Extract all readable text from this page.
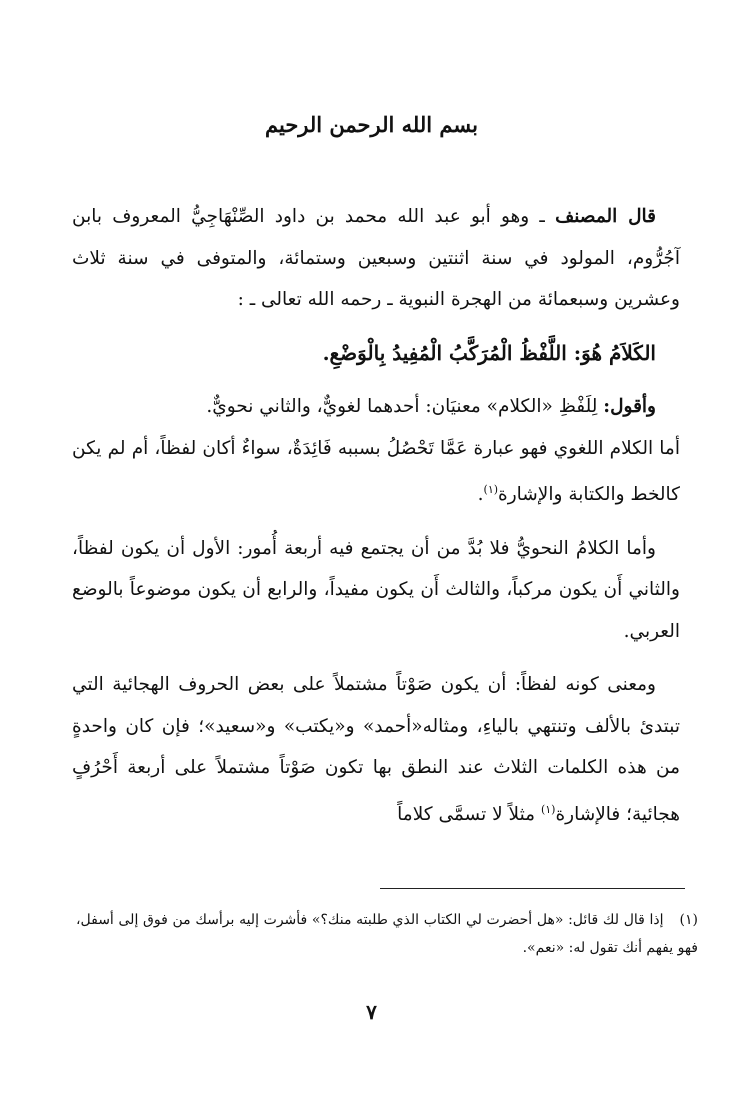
بسم الله الرحمن الرحيم

قال المصنف ـ وهو أبو عبد الله محمد بن داود الصِّنْهَاجِيُّ المعروف بابن آجُرُّوم، المولود في سنة اثنتين وسبعين وستمائة، والمتوفى في سنة ثلاث وعشرين وسبعمائة من الهجرة النبوية ـ رحمه الله تعالى ـ :

الكَلاَمُ هُوَ: اللَّفْظُ الْمُرَكَّبُ الْمُفِيدُ بِالْوَضْعِ.

وأقول: لِلَفْظِ «الكلام» معنيَان: أحدهما لغويٌّ، والثاني نحويٌّ.

أما الكلام اللغوي فهو عبارة عَمَّا تَحْصُلُ بسببه فَائِدَةٌ، سواءٌ أكان لفظاً، أم لم يكن كالخط والكتابة والإشارة$^{(١)}$.

وأما الكلامُ النحويُّ فلا بُدَّ من أن يجتمع فيه أربعة أُمور: الأول أن يكون لفظاً، والثاني أَن يكون مركباً، والثالث أَن يكون مفيداً، والرابع أن يكون موضوعاً بالوضع العربي.

ومعنى كونه لفظاً: أن يكون صَوْتاً مشتملاً على بعض الحروف الهجائية التي تبتدئ بالألف وتنتهي بالياءِ، ومثاله«أحمد» و«يكتب» و«سعيد»؛ فإن كان واحدةٍ من هذه الكلمات الثلاث عند النطق بها تكون صَوْتاً مشتملاً على أربعة أَحْرُفٍ هجائية؛ فالإشارة$^{(١)}$ مثلاً لا تسمَّى كلاماً

(١)إذا قال لك قائل: «هل أحضرت لي الكتاب الذي طلبته منك؟» فأشرت إليه برأسك من فوق إلى أسفل، فهو يفهم أنك تقول له: «نعم».
٧
